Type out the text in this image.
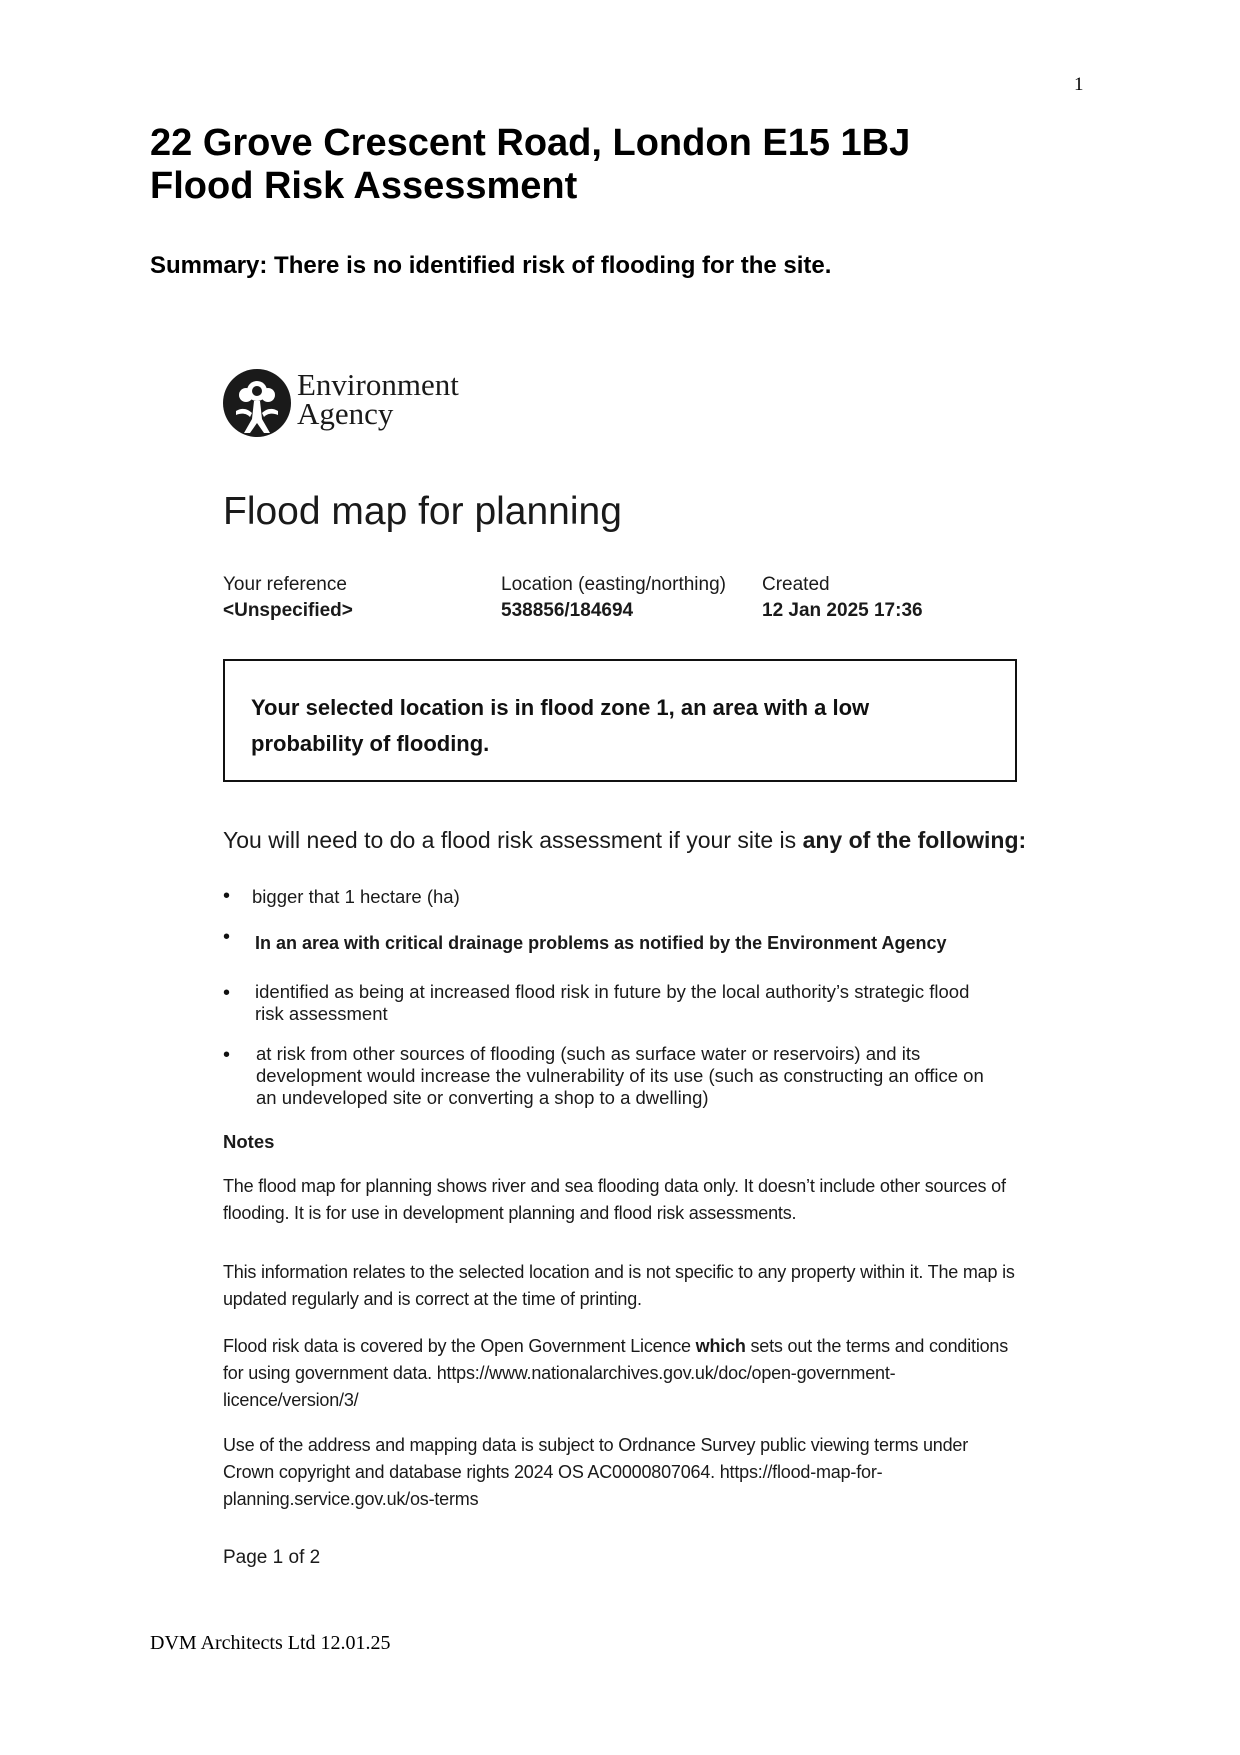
1
22 Grove Crescent Road, London E15 1BJ
Flood Risk Assessment
Summary: There is no identified risk of flooding for the site.
Environment
Agency
Flood map for planning
Your reference
<Unspecified>
Location (easting/northing)
538856/184694
Created
12 Jan 2025 17:36
Your selected location is in flood zone 1, an area with a low
probability of flooding.
You will need to do a flood risk assessment if your site is any of the following:
• bigger that 1 hectare (ha)
• In an area with critical drainage problems as notified by the Environment Agency
• identified as being at increased flood risk in future by the local authority’s strategic flood risk assessment
• at risk from other sources of flooding (such as surface water or reservoirs) and its development would increase the vulnerability of its use (such as constructing an office on an undeveloped site or converting a shop to a dwelling)
Notes
The flood map for planning shows river and sea flooding data only. It doesn’t include other sources of flooding. It is for use in development planning and flood risk assessments.
This information relates to the selected location and is not specific to any property within it. The map is updated regularly and is correct at the time of printing.
Flood risk data is covered by the Open Government Licence which sets out the terms and conditions for using government data. https://www.nationalarchives.gov.uk/doc/open-government-licence/version/3/
Use of the address and mapping data is subject to Ordnance Survey public viewing terms under Crown copyright and database rights 2024 OS AC0000807064. https://flood-map-for-planning.service.gov.uk/os-terms
Page 1 of 2
DVM Architects Ltd 12.01.25
